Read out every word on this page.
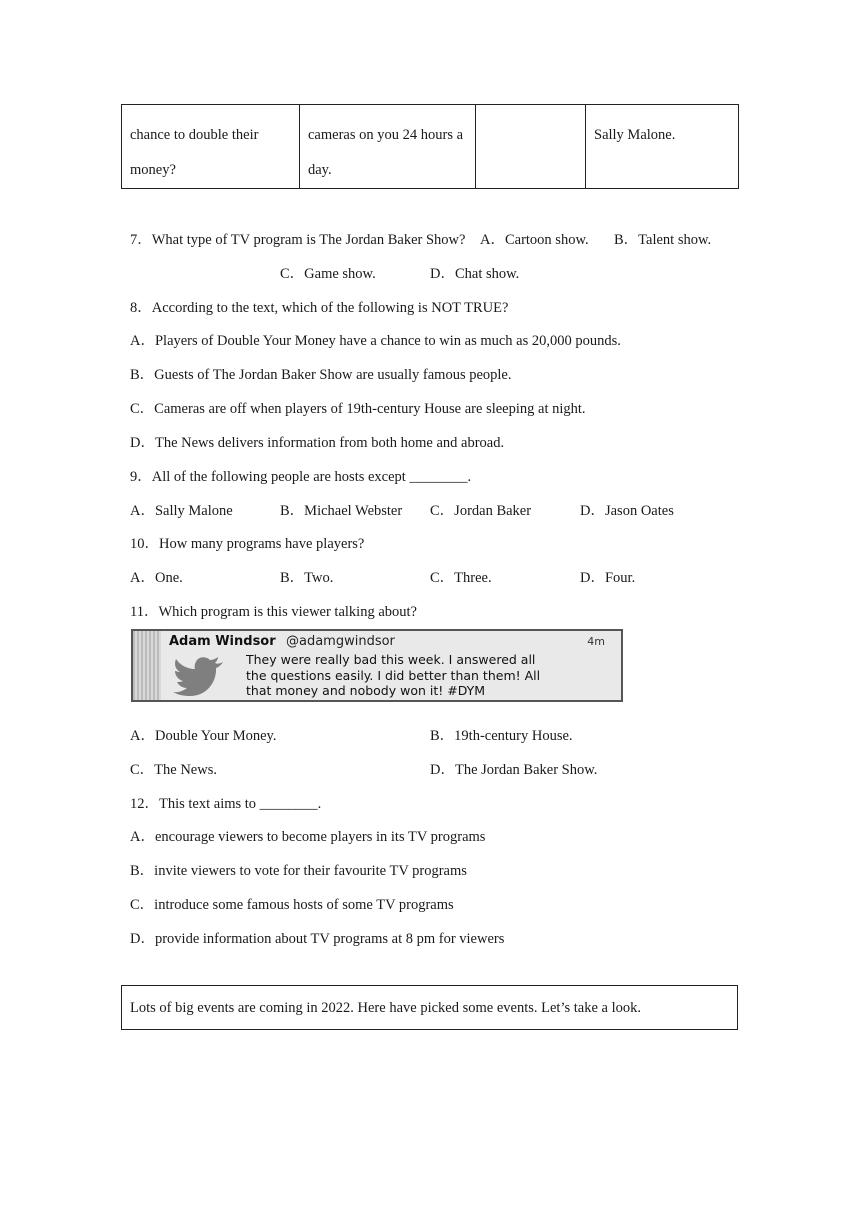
chance to double their money?	cameras on you 24 hours a day.		Sally Malone.
7．What type of TV program is The Jordan Baker Show? A．Cartoon show. B．Talent show.
C．Game show.	D．Chat show.
8．According to the text, which of the following is NOT TRUE?
A．Players of Double Your Money have a chance to win as much as 20,000 pounds.
B．Guests of The Jordan Baker Show are usually famous people.
C．Cameras are off when players of 19th-century House are sleeping at night.
D．The News delivers information from both home and abroad.
9．All of the following people are hosts except ________.
A．Sally Malone	B．Michael Webster C．Jordan Baker	D．Jason Oates
10．How many programs have players?
A．One.	B．Two.	C．Three.	D．Four.
11．Which program is this viewer talking about?
Adam Windsor @adamgwindsor	4m
They were really bad this week. I answered all
the questions easily. I did better than them! All
that money and nobody won it! #DYM
A．Double Your Money.	B．19th-century House.
C．The News.	D．The Jordan Baker Show.
12．This text aims to ________.
A．encourage viewers to become players in its TV programs
B．invite viewers to vote for their favourite TV programs
C．introduce some famous hosts of some TV programs
D．provide information about TV programs at 8 pm for viewers
Lots of big events are coming in 2022. Here have picked some events. Let’s take a look.
